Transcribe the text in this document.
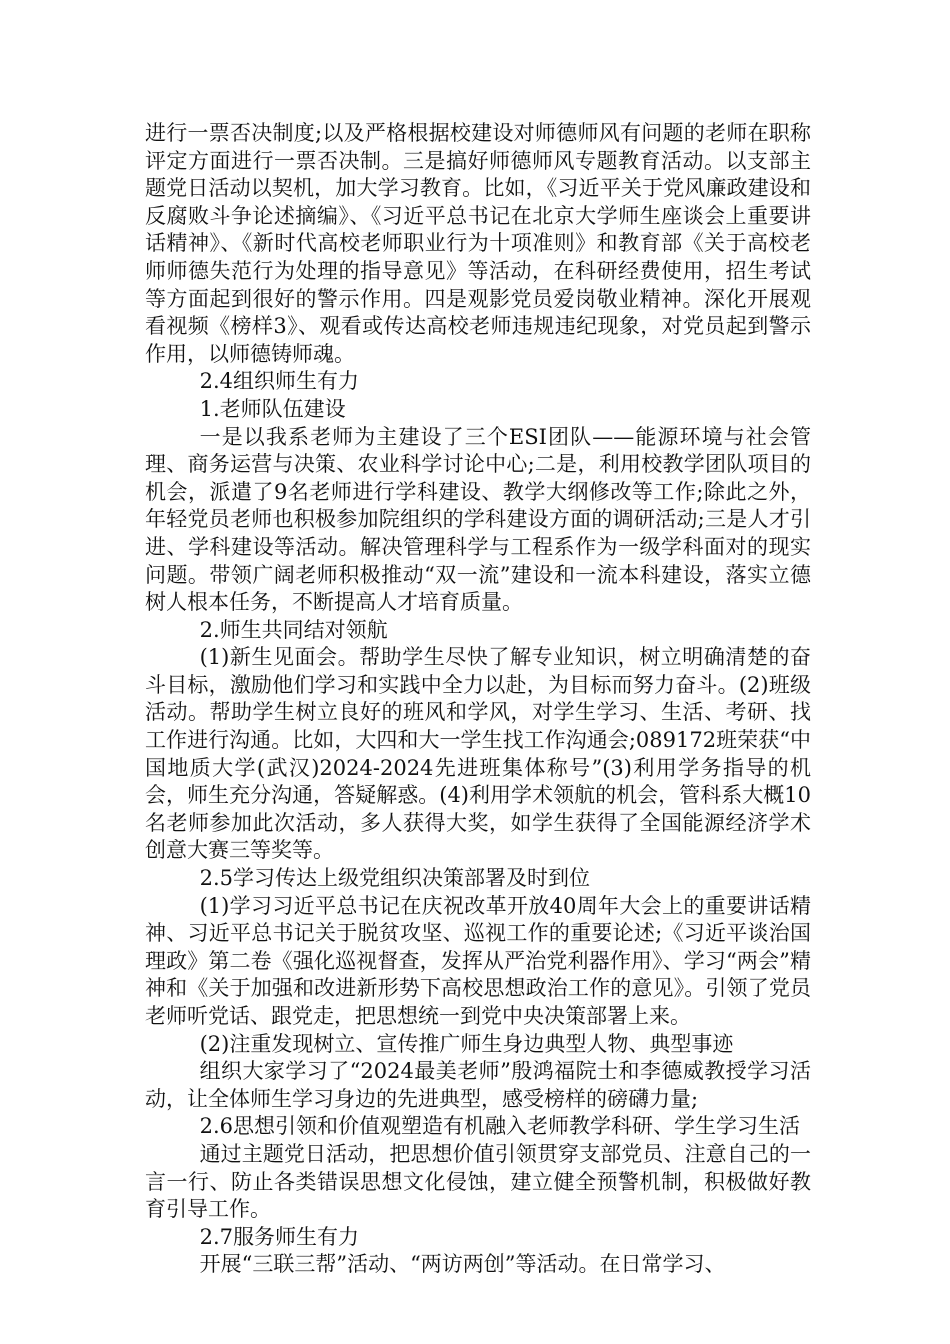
进行一票否决制度;以及严格根据校建设对师德师风有问题的老师在职称评定方面进行一票否决制。三是搞好师德师风专题教育活动。以支部主题党日活动以契机，加大学习教育。比如，《习近平关于党风廉政建设和反腐败斗争论述摘编》、《习近平总书记在北京大学师生座谈会上重要讲话精神》、《新时代高校老师职业行为十项准则》和教育部《关于高校老师师德失范行为处理的指导意见》等活动，在科研经费使用，招生考试等方面起到很好的警示作用。四是观影党员爱岗敬业精神。深化开展观看视频《榜样3》、观看或传达高校老师违规违纪现象，对党员起到警示作用，以师德铸师魂。

2.4组织师生有力

1.老师队伍建设

一是以我系老师为主建设了三个ESI团队——能源环境与社会管理、商务运营与决策、农业科学讨论中心;二是，利用校教学团队项目的机会，派遣了9名老师进行学科建设、教学大纲修改等工作;除此之外，年轻党员老师也积极参加院组织的学科建设方面的调研活动;三是人才引进、学科建设等活动。解决管理科学与工程系作为一级学科面对的现实问题。带领广阔老师积极推动“双一流”建设和一流本科建设，落实立德树人根本任务，不断提高人才培育质量。

2.师生共同结对领航

(1)新生见面会。帮助学生尽快了解专业知识，树立明确清楚的奋斗目标，激励他们学习和实践中全力以赴，为目标而努力奋斗。(2)班级活动。帮助学生树立良好的班风和学风，对学生学习、生活、考研、找工作进行沟通。比如，大四和大一学生找工作沟通会;089172班荣获“中国地质大学(武汉)2024-2024先进班集体称号”(3)利用学务指导的机会，师生充分沟通，答疑解惑。(4)利用学术领航的机会，管科系大概10名老师参加此次活动，多人获得大奖，如学生获得了全国能源经济学术创意大赛三等奖等。

2.5学习传达上级党组织决策部署及时到位

(1)学习习近平总书记在庆祝改革开放40周年大会上的重要讲话精神、习近平总书记关于脱贫攻坚、巡视工作的重要论述;《习近平谈治国理政》第二卷《强化巡视督查，发挥从严治党利器作用》、学习“两会”精神和《关于加强和改进新形势下高校思想政治工作的意见》。引领了党员老师听党话、跟党走，把思想统一到党中央决策部署上来。

(2)注重发现树立、宣传推广师生身边典型人物、典型事迹

组织大家学习了“2024最美老师”殷鸿福院士和李德威教授学习活动，让全体师生学习身边的先进典型，感受榜样的磅礴力量;

2.6思想引领和价值观塑造有机融入老师教学科研、学生学习生活

通过主题党日活动，把思想价值引领贯穿支部党员、注意自己的一言一行、防止各类错误思想文化侵蚀，建立健全预警机制，积极做好教育引导工作。

2.7服务师生有力

开展“三联三帮”活动、“两访两创”等活动。在日常学习、
